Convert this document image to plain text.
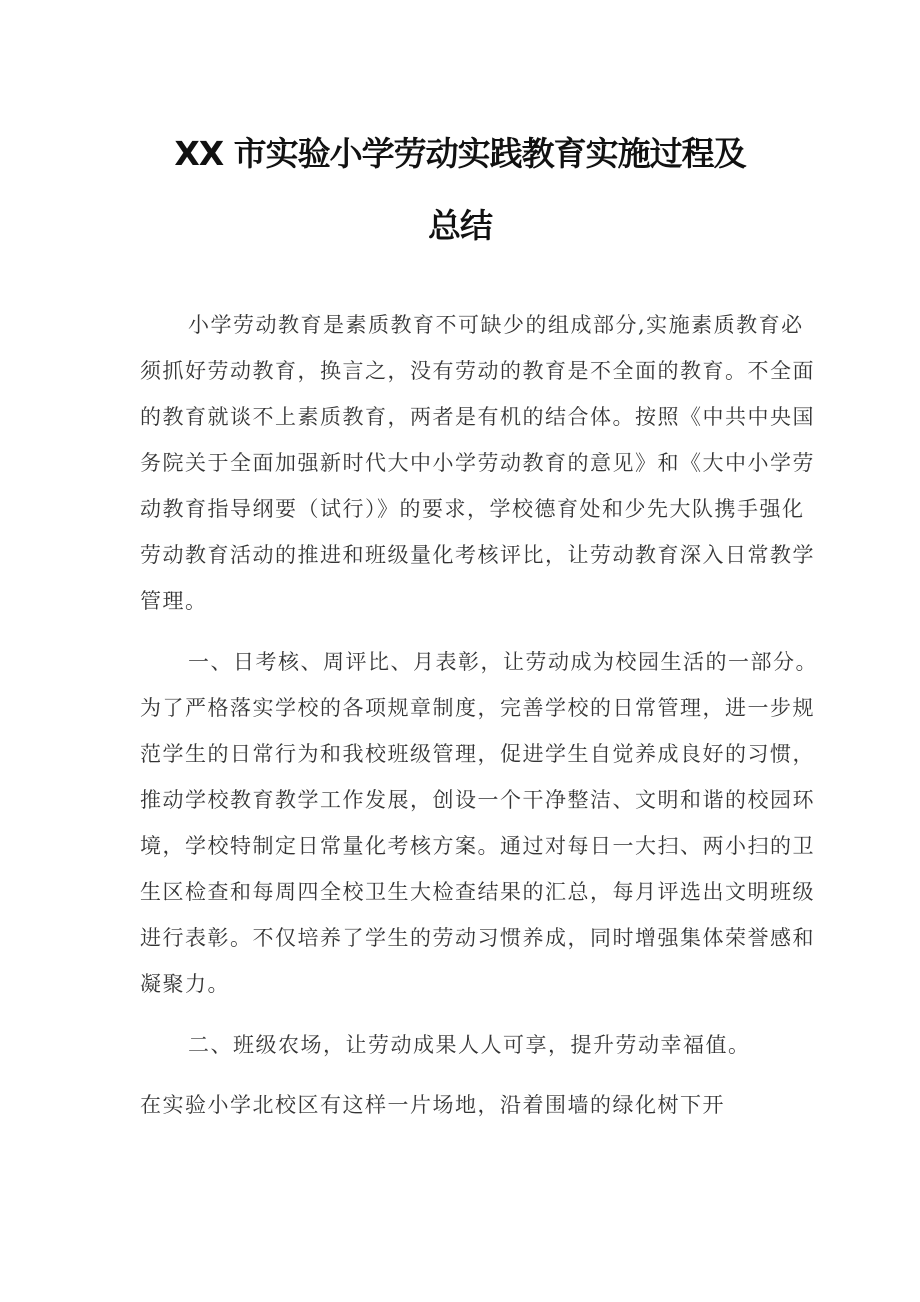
XX 市实验小学劳动实践教育实施过程及
总结

小学劳动教育是素质教育不可缺少的组成部分,实施素质教育必

须抓好劳动教育，换言之，没有劳动的教育是不全面的教育。不全面

的教育就谈不上素质教育，两者是有机的结合体。按照《中共中央国

务院关于全面加强新时代大中小学劳动教育的意见》和《大中小学劳

动教育指导纲要（试行）》的要求，学校德育处和少先大队携手强化

劳动教育活动的推进和班级量化考核评比，让劳动教育深入日常教学

管理。

一、日考核、周评比、月表彰，让劳动成为校园生活的一部分。

为了严格落实学校的各项规章制度，完善学校的日常管理，进一步规

范学生的日常行为和我校班级管理，促进学生自觉养成良好的习惯，

推动学校教育教学工作发展，创设一个干净整洁、文明和谐的校园环

境，学校特制定日常量化考核方案。通过对每日一大扫、两小扫的卫

生区检查和每周四全校卫生大检查结果的汇总，每月评选出文明班级

进行表彰。不仅培养了学生的劳动习惯养成，同时增强集体荣誉感和

凝聚力。

二、班级农场，让劳动成果人人可享，提升劳动幸福值。

在实验小学北校区有这样一片场地，沿着围墙的绿化树下开
